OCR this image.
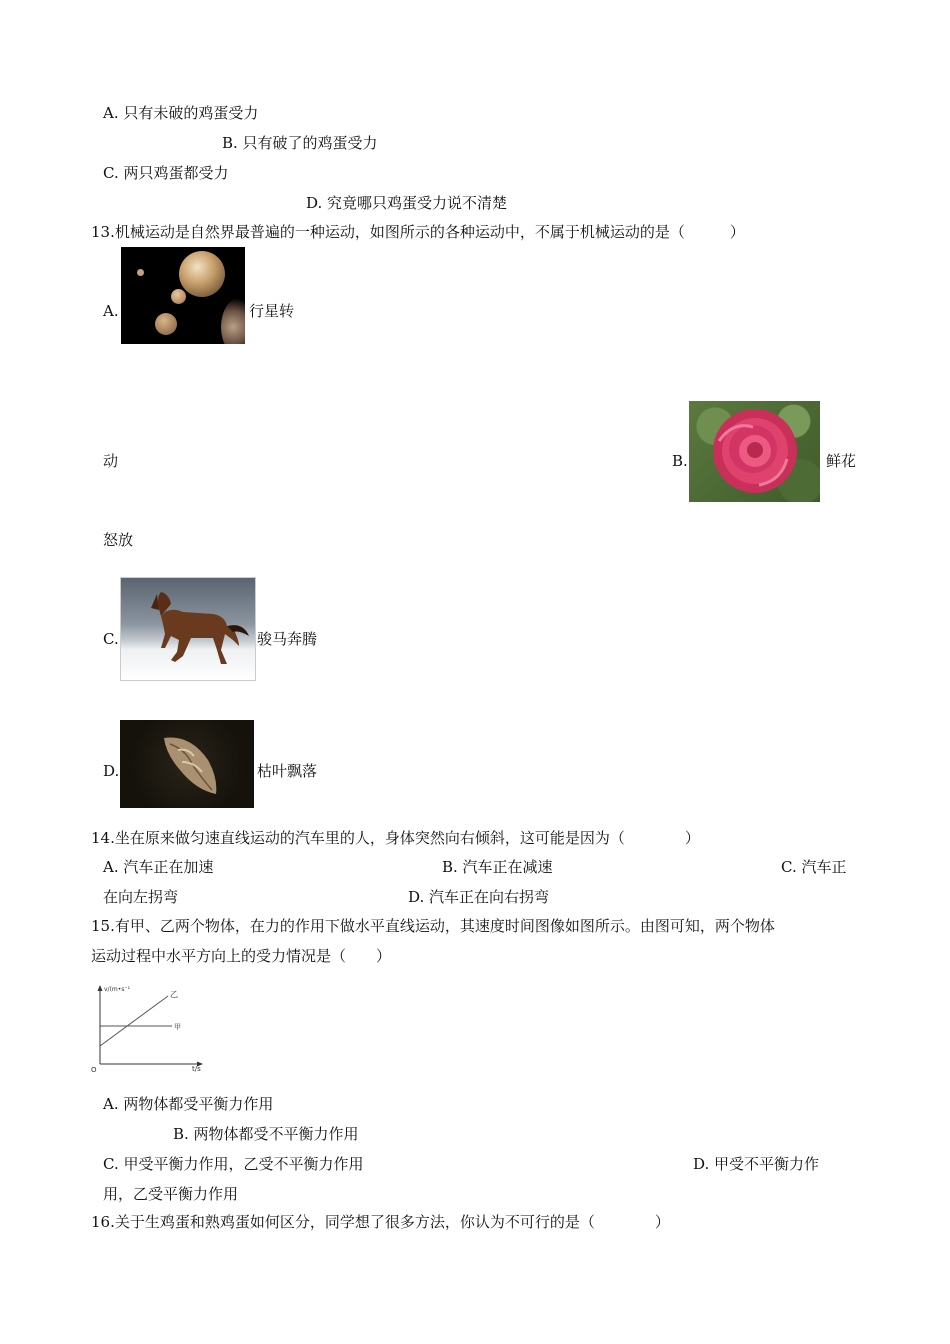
A. 只有未破的鸡蛋受力
B. 只有破了的鸡蛋受力
C. 两只鸡蛋都受力
D. 究竟哪只鸡蛋受力说不清楚
13.机械运动是自然界最普遍的一种运动，如图所示的各种运动中，不属于机械运动的是（　　　）
A.	行星转
动	B.	鲜花
怒放
C.	骏马奔腾
D.	枯叶飘落
14.坐在原来做匀速直线运动的汽车里的人，身体突然向右倾斜，这可能是因为（　　　　）
A. 汽车正在加速	B. 汽车正在减速	C. 汽车正
在向左拐弯	D. 汽车正在向右拐弯
15.有甲、乙两个物体，在力的作用下做水平直线运动，其速度时间图像如图所示。由图可知，两个物体
运动过程中水平方向上的受力情况是（　　）
v/(m•s⁻¹
t/s
O
乙
甲
A. 两物体都受平衡力作用
B. 两物体都受不平衡力作用
C. 甲受平衡力作用，乙受不平衡力作用	D. 甲受不平衡力作
用，乙受平衡力作用
16.关于生鸡蛋和熟鸡蛋如何区分，同学想了很多方法，你认为不可行的是（　　　　）
